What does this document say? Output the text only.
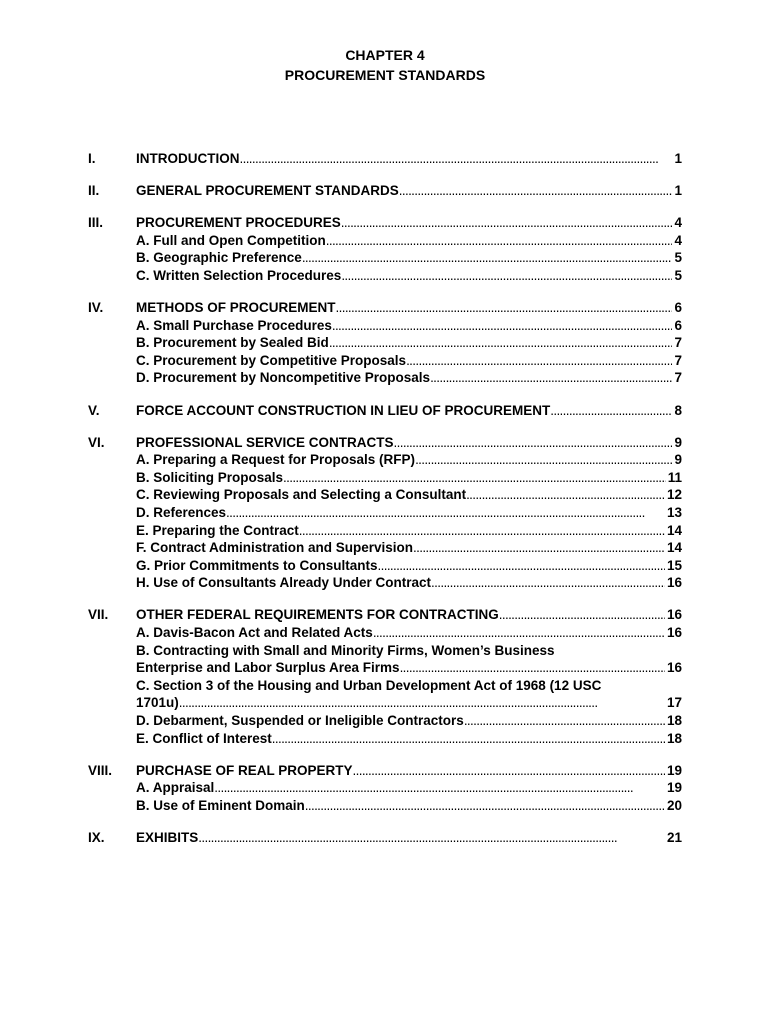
CHAPTER 4
PROCUREMENT STANDARDS
I.	INTRODUCTION . . .	1
II.	GENERAL PROCUREMENT STANDARDS . . .	1
III.	PROCUREMENT PROCEDURES . . .	4
A. Full and Open Competition . . .	4
B. Geographic Preference . . .	5
C. Written Selection Procedures . . .	5
IV.	METHODS OF PROCUREMENT . . .	6
A. Small Purchase Procedures . . .	6
B. Procurement by Sealed Bid . . .	7
C. Procurement by Competitive Proposals . . .	7
D. Procurement by Noncompetitive Proposals . . .	7
V.	FORCE ACCOUNT CONSTRUCTION IN LIEU OF PROCUREMENT . . .	8
VI.	PROFESSIONAL SERVICE CONTRACTS . . .	9
A. Preparing a Request for Proposals (RFP) . . .	9
B. Soliciting Proposals . . .	11
C. Reviewing Proposals and Selecting a Consultant . . .	12
D. References . . .	13
E. Preparing the Contract . . .	14
F. Contract Administration and Supervision . . .	14
G. Prior Commitments to Consultants . . .	15
H. Use of Consultants Already Under Contract . . .	16
VII.	OTHER FEDERAL REQUIREMENTS FOR CONTRACTING . . .	16
A. Davis-Bacon Act and Related Acts . . .	16
B. Contracting with Small and Minority Firms, Women’s Business
Enterprise and Labor Surplus Area Firms . . .	16
C. Section 3 of the Housing and Urban Development Act of 1968 (12 USC
1701u) . . .	17
D. Debarment, Suspended or Ineligible Contractors . . .	18
E. Conflict of Interest . . .	18
VIII.	PURCHASE OF REAL PROPERTY . . .	19
A. Appraisal . . .	19
B. Use of Eminent Domain . . .	20
IX.	EXHIBITS . . .	21
